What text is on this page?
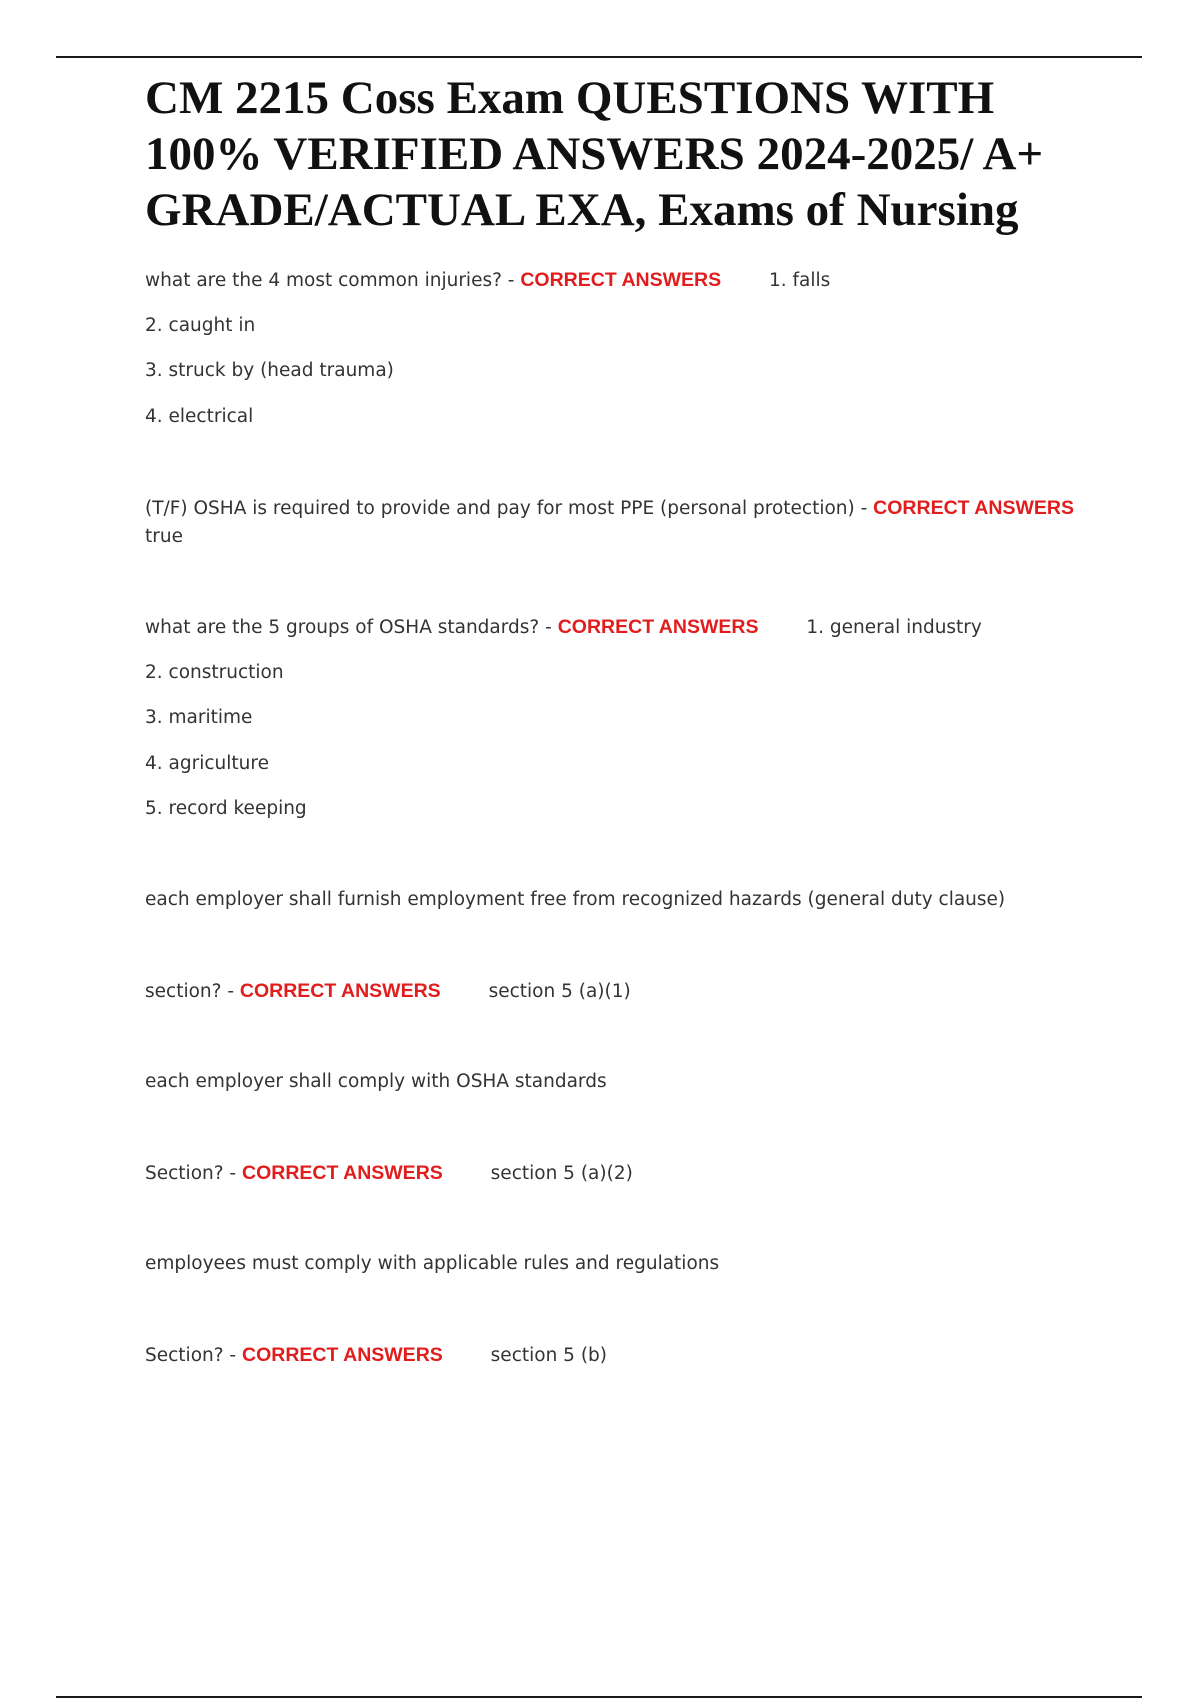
CM 2215 Coss Exam QUESTIONS WITH 100% VERIFIED ANSWERS 2024-2025/ A+ GRADE/ACTUAL EXA, Exams of Nursing
what are the 4 most common injuries? - CORRECT ANSWERS	1. falls
2. caught in
3. struck by (head trauma)
4. electrical
(T/F) OSHA is required to provide and pay for most PPE (personal protection) - CORRECT ANSWERS
true
what are the 5 groups of OSHA standards? - CORRECT ANSWERS	1. general industry
2. construction
3. maritime
4. agriculture
5. record keeping
each employer shall furnish employment free from recognized hazards (general duty clause)
section? - CORRECT ANSWERS	section 5 (a)(1)
each employer shall comply with OSHA standards
Section? - CORRECT ANSWERS	section 5 (a)(2)
employees must comply with applicable rules and regulations
Section? - CORRECT ANSWERS	section 5 (b)
